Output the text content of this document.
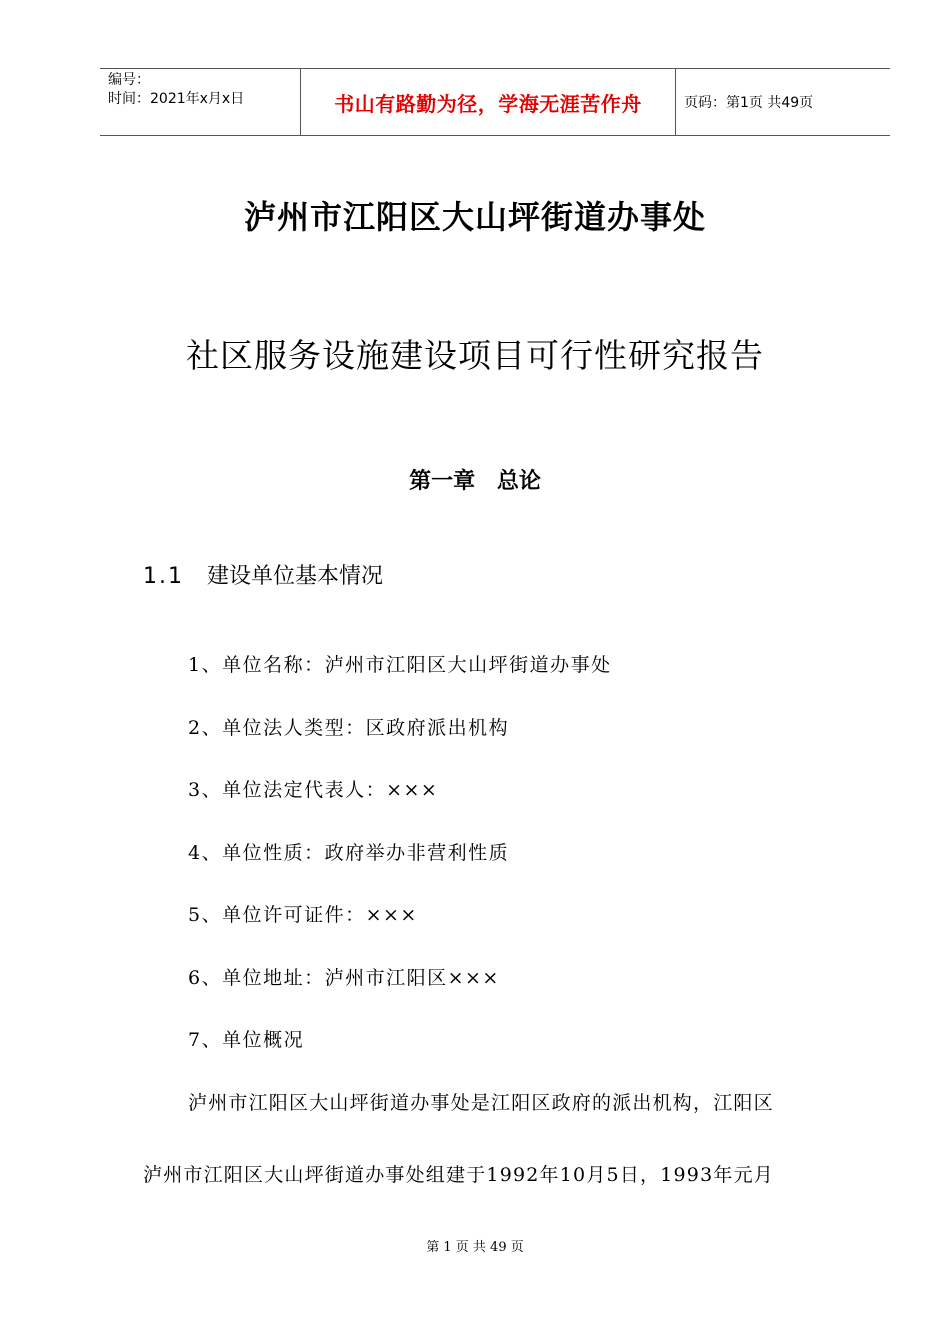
编号：
时间：2021年x月x日	书山有路勤为径，学海无涯苦作舟	页码：第1页 共49页
泸州市江阳区大山坪街道办事处
社区服务设施建设项目可行性研究报告
第一章 总论
1.1 建设单位基本情况
1、单位名称：泸州市江阳区大山坪街道办事处
2、单位法人类型：区政府派出机构
3、单位法定代表人：×××
4、单位性质：政府举办非营利性质
5、单位许可证件：×××
6、单位地址：泸州市江阳区×××
7、单位概况
泸州市江阳区大山坪街道办事处是江阳区政府的派出机构，江阳区
泸州市江阳区大山坪街道办事处组建于1992年10月5日，1993年元月
第 1 页 共 49 页
